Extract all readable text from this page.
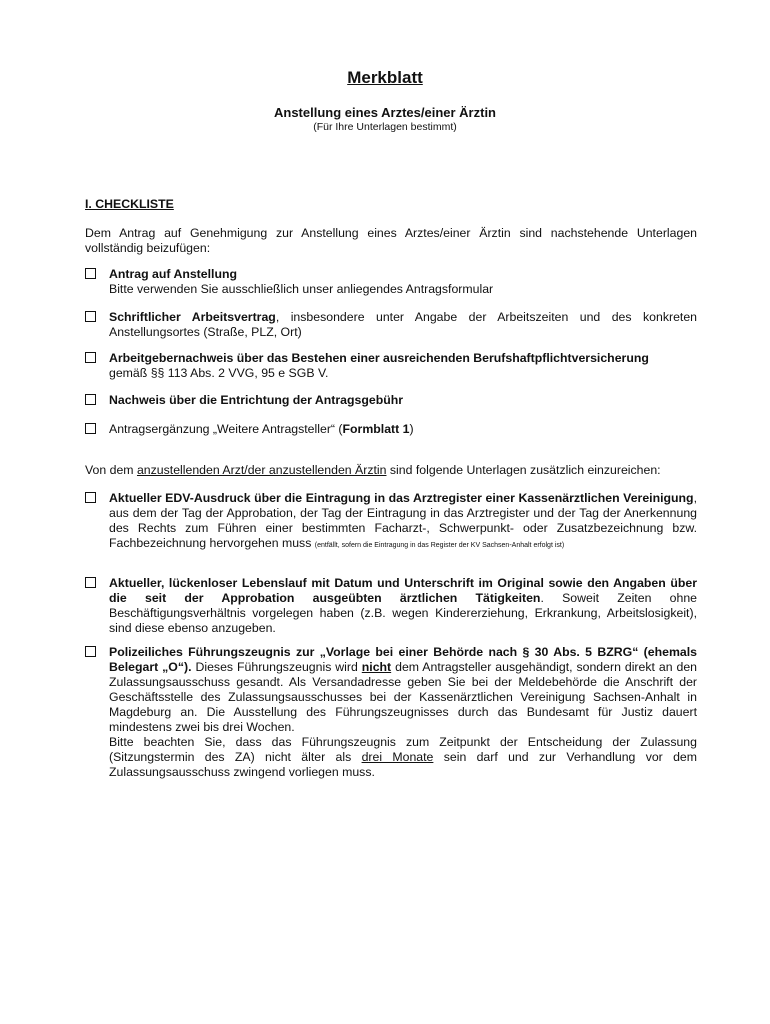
Merkblatt
Anstellung eines Arztes/einer Ärztin
(Für Ihre Unterlagen bestimmt)
I. CHECKLISTE
Dem Antrag auf Genehmigung zur Anstellung eines Arztes/einer Ärztin sind nachstehende Unterlagen vollständig beizufügen:
Antrag auf Anstellung
Bitte verwenden Sie ausschließlich unser anliegendes Antragsformular
Schriftlicher Arbeitsvertrag, insbesondere unter Angabe der Arbeitszeiten und des konkreten Anstellungsortes (Straße, PLZ, Ort)
Arbeitgebernachweis über das Bestehen einer ausreichenden Berufshaftpflichtversicherung
gemäß §§ 113 Abs. 2 VVG, 95 e SGB V.
Nachweis über die Entrichtung der Antragsgebühr
Antragsergänzung „Weitere Antragsteller“ (Formblatt 1)
Von dem anzustellenden Arzt/der anzustellenden Ärztin sind folgende Unterlagen zusätzlich einzureichen:
Aktueller EDV-Ausdruck über die Eintragung in das Arztregister einer Kassenärztlichen Vereinigung, aus dem der Tag der Approbation, der Tag der Eintragung in das Arztregister und der Tag der Anerkennung des Rechts zum Führen einer bestimmten Facharzt-, Schwerpunkt- oder Zusatzbezeichnung bzw. Fachbezeichnung hervorgehen muss (entfällt, sofern die Eintragung in das Register der KV Sachsen-Anhalt erfolgt ist)
Aktueller, lückenloser Lebenslauf mit Datum und Unterschrift im Original sowie den Angaben über die seit der Approbation ausgeübten ärztlichen Tätigkeiten. Soweit Zeiten ohne Beschäftigungsverhältnis vorgelegen haben (z.B. wegen Kindererziehung, Erkrankung, Arbeitslosigkeit), sind diese ebenso anzugeben.
Polizeiliches Führungszeugnis zur „Vorlage bei einer Behörde nach § 30 Abs. 5 BZRG“ (ehemals Belegart „O“). Dieses Führungszeugnis wird nicht dem Antragsteller ausgehändigt, sondern direkt an den Zulassungsausschuss gesandt. Als Versandadresse geben Sie bei der Meldebehörde die Anschrift der Geschäftsstelle des Zulassungsausschusses bei der Kassenärztlichen Vereinigung Sachsen-Anhalt in Magdeburg an. Die Ausstellung des Führungszeugnisses durch das Bundesamt für Justiz dauert mindestens zwei bis drei Wochen.
Bitte beachten Sie, dass das Führungszeugnis zum Zeitpunkt der Entscheidung der Zulassung (Sitzungstermin des ZA) nicht älter als drei Monate sein darf und zur Verhandlung vor dem Zulassungsausschuss zwingend vorliegen muss.
